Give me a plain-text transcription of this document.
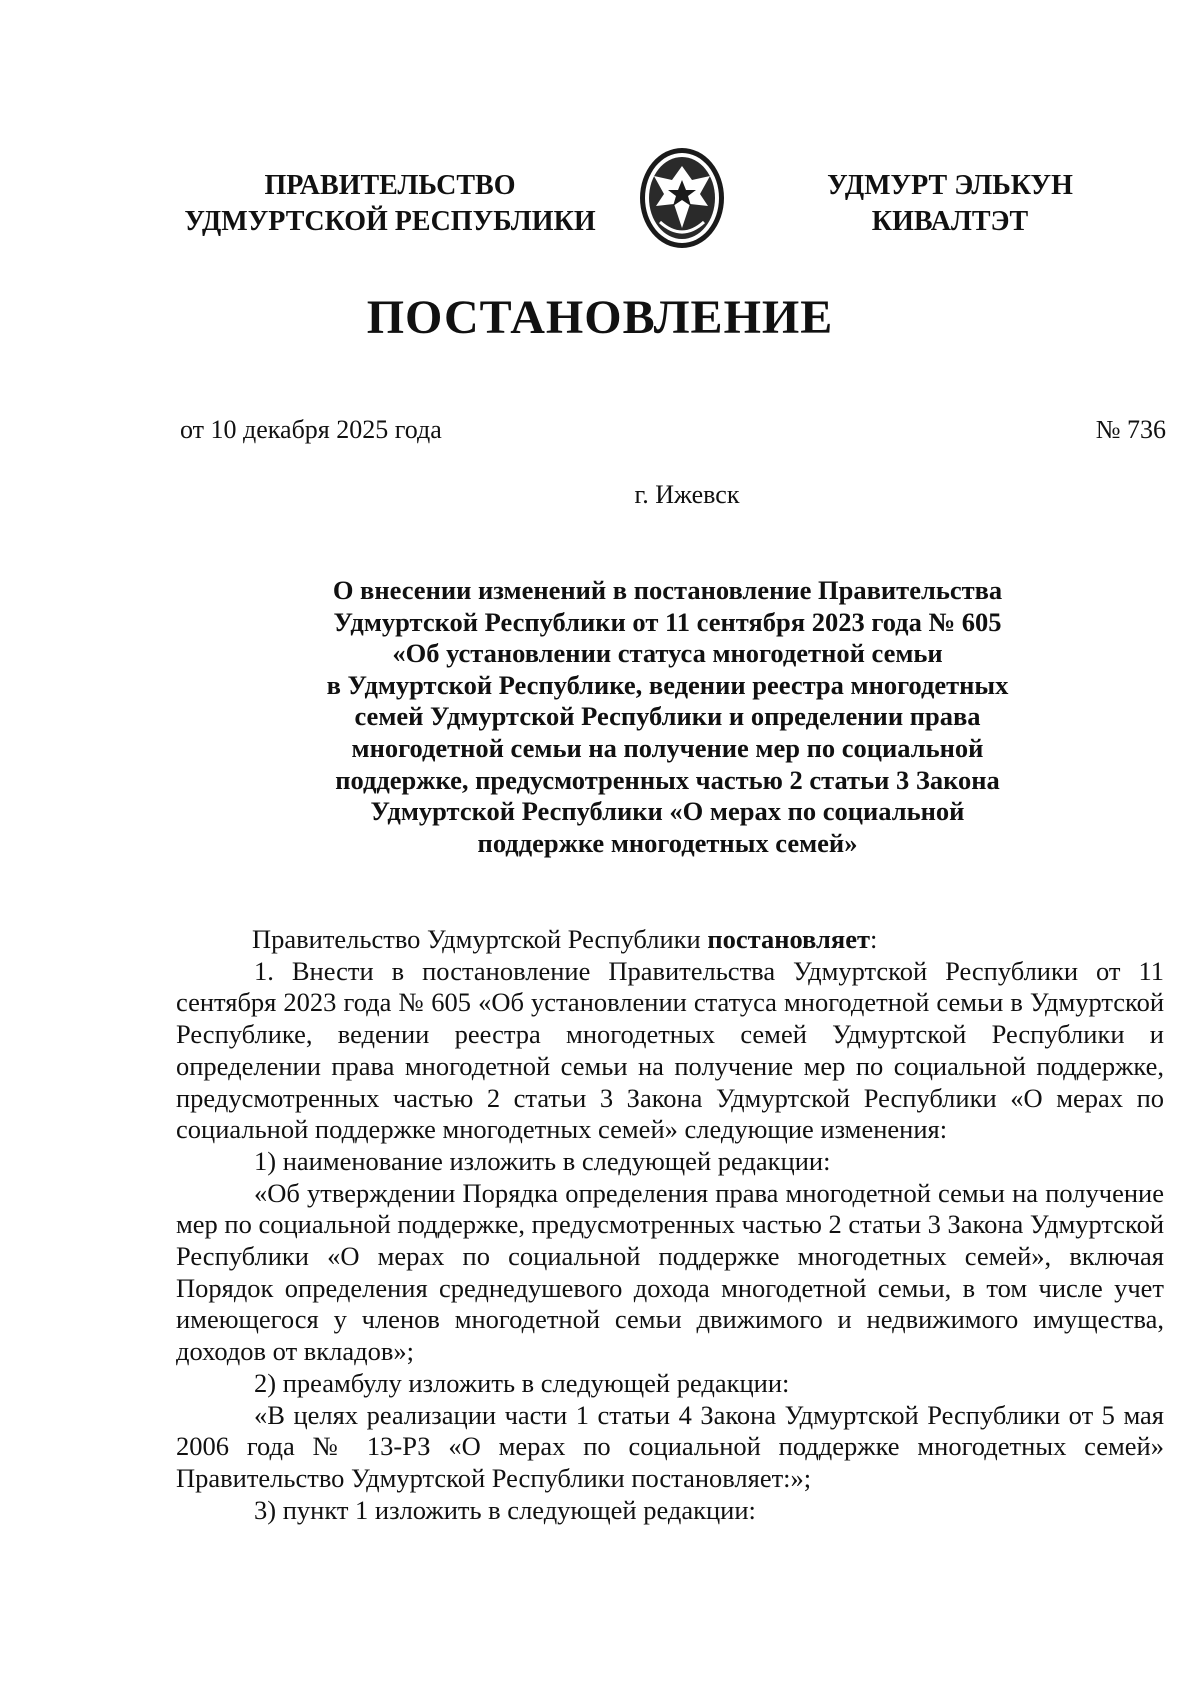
ПРАВИТЕЛЬСТВО
УДМУРТСКОЙ РЕСПУБЛИКИ
УДМУРТ ЭЛЬКУН
КИВАЛТЭТ
ПОСТАНОВЛЕНИЕ
от 10 декабря 2025 года	№ 736
г. Ижевск
О внесении изменений в постановление Правительства
Удмуртской Республики от 11 сентября 2023 года № 605
«Об установлении статуса многодетной семьи
в Удмуртской Республике, ведении реестра многодетных
семей Удмуртской Республики и определении права
многодетной семьи на получение мер по социальной
поддержке, предусмотренных частью 2 статьи 3 Закона
Удмуртской Республики «О мерах по социальной
поддержке многодетных семей»

Правительство Удмуртской Республики постановляет:

1. Внести в постановление Правительства Удмуртской Республики от 11 сентября 2023 года № 605 «Об установлении статуса многодетной семьи в Удмуртской Республике, ведении реестра многодетных семей Удмуртской Республики и определении права многодетной семьи на получение мер по социальной поддержке, предусмотренных частью 2 статьи 3 Закона Удмуртской Республики «О мерах по социальной поддержке многодетных семей» следующие изменения:

1) наименование изложить в следующей редакции:

«Об утверждении Порядка определения права многодетной семьи на получение мер по социальной поддержке, предусмотренных частью 2 статьи 3 Закона Удмуртской Республики «О мерах по социальной поддержке многодетных семей», включая Порядок определения среднедушевого дохода многодетной семьи, в том числе учет имеющегося у членов многодетной семьи движимого и недвижимого имущества, доходов от вкладов»;

2) преамбулу изложить в следующей редакции:

«В целях реализации части 1 статьи 4 Закона Удмуртской Республики от 5 мая 2006 года № 13-РЗ «О мерах по социальной поддержке многодетных семей» Правительство Удмуртской Республики постановляет:»;

3) пункт 1 изложить в следующей редакции:
